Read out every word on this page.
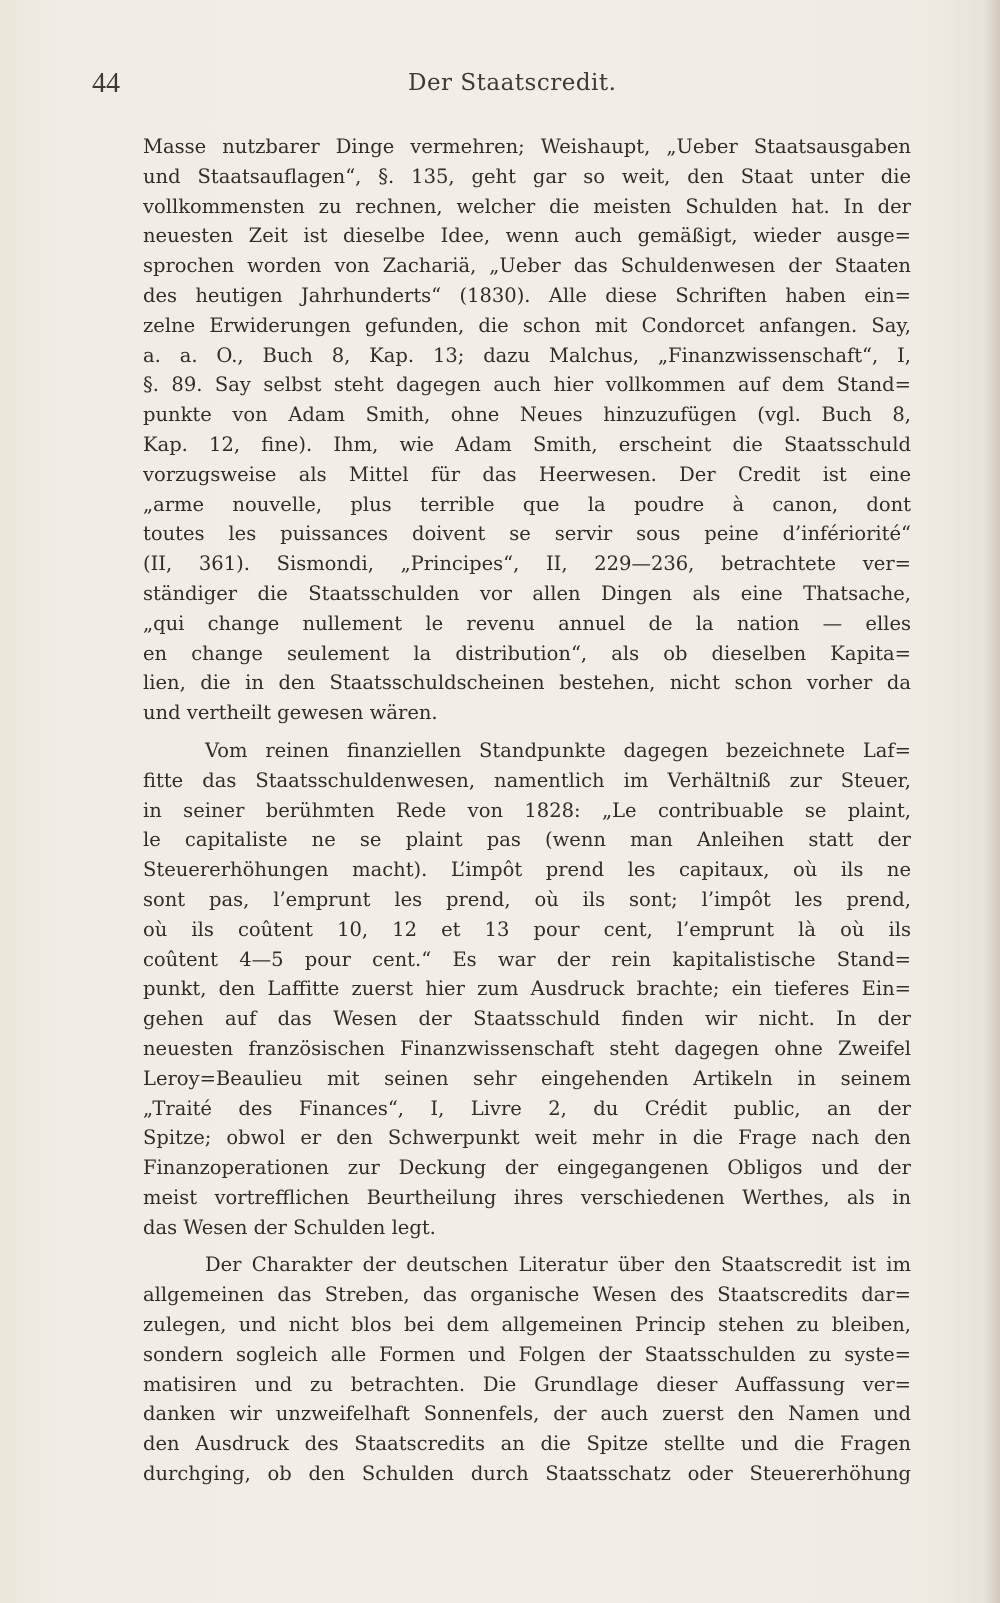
44	Der Staatscredit.
Masse nutzbarer Dinge vermehren; Weishaupt, „Ueber Staatsausgaben
und Staatsauflagen“, §. 135, geht gar so weit, den Staat unter die
vollkommensten zu rechnen, welcher die meisten Schulden hat. In der
neuesten Zeit ist dieselbe Idee, wenn auch gemäßigt, wieder ausge=
sprochen worden von Zachariä, „Ueber das Schuldenwesen der Staaten
des heutigen Jahrhunderts“ (1830). Alle diese Schriften haben ein=
zelne Erwiderungen gefunden, die schon mit Condorcet anfangen. Say,
a. a. O., Buch 8, Kap. 13; dazu Malchus, „Finanzwissenschaft“, I,
§. 89. Say selbst steht dagegen auch hier vollkommen auf dem Stand=
punkte von Adam Smith, ohne Neues hinzuzufügen (vgl. Buch 8,
Kap. 12, fine). Ihm, wie Adam Smith, erscheint die Staatsschuld
vorzugsweise als Mittel für das Heerwesen. Der Credit ist eine
„arme nouvelle, plus terrible que la poudre à canon, dont
toutes les puissances doivent se servir sous peine d’infériorité“
(II, 361). Sismondi, „Principes“, II, 229—236, betrachtete ver=
ständiger die Staatsschulden vor allen Dingen als eine Thatsache,
„qui change nullement le revenu annuel de la nation — elles
en change seulement la distribution“, als ob dieselben Kapita=
lien, die in den Staatsschuldscheinen bestehen, nicht schon vorher da
und vertheilt gewesen wären.
Vom reinen finanziellen Standpunkte dagegen bezeichnete Laf=
fitte das Staatsschuldenwesen, namentlich im Verhältniß zur Steuer,
in seiner berühmten Rede von 1828: „Le contribuable se plaint,
le capitaliste ne se plaint pas (wenn man Anleihen statt der
Steuererhöhungen macht). L’impôt prend les capitaux, où ils ne
sont pas, l’emprunt les prend, où ils sont; l’impôt les prend,
où ils coûtent 10, 12 et 13 pour cent, l’emprunt là où ils
coûtent 4—5 pour cent.“ Es war der rein kapitalistische Stand=
punkt, den Laffitte zuerst hier zum Ausdruck brachte; ein tieferes Ein=
gehen auf das Wesen der Staatsschuld finden wir nicht. In der
neuesten französischen Finanzwissenschaft steht dagegen ohne Zweifel
Leroy=Beaulieu mit seinen sehr eingehenden Artikeln in seinem
„Traité des Finances“, I, Livre 2, du Crédit public, an der
Spitze; obwol er den Schwerpunkt weit mehr in die Frage nach den
Finanzoperationen zur Deckung der eingegangenen Obligos und der
meist vortrefflichen Beurtheilung ihres verschiedenen Werthes, als in
das Wesen der Schulden legt.
Der Charakter der deutschen Literatur über den Staatscredit ist im
allgemeinen das Streben, das organische Wesen des Staatscredits dar=
zulegen, und nicht blos bei dem allgemeinen Princip stehen zu bleiben,
sondern sogleich alle Formen und Folgen der Staatsschulden zu syste=
matisiren und zu betrachten. Die Grundlage dieser Auffassung ver=
danken wir unzweifelhaft Sonnenfels, der auch zuerst den Namen und
den Ausdruck des Staatscredits an die Spitze stellte und die Fragen
durchging, ob den Schulden durch Staatsschatz oder Steuererhöhung
